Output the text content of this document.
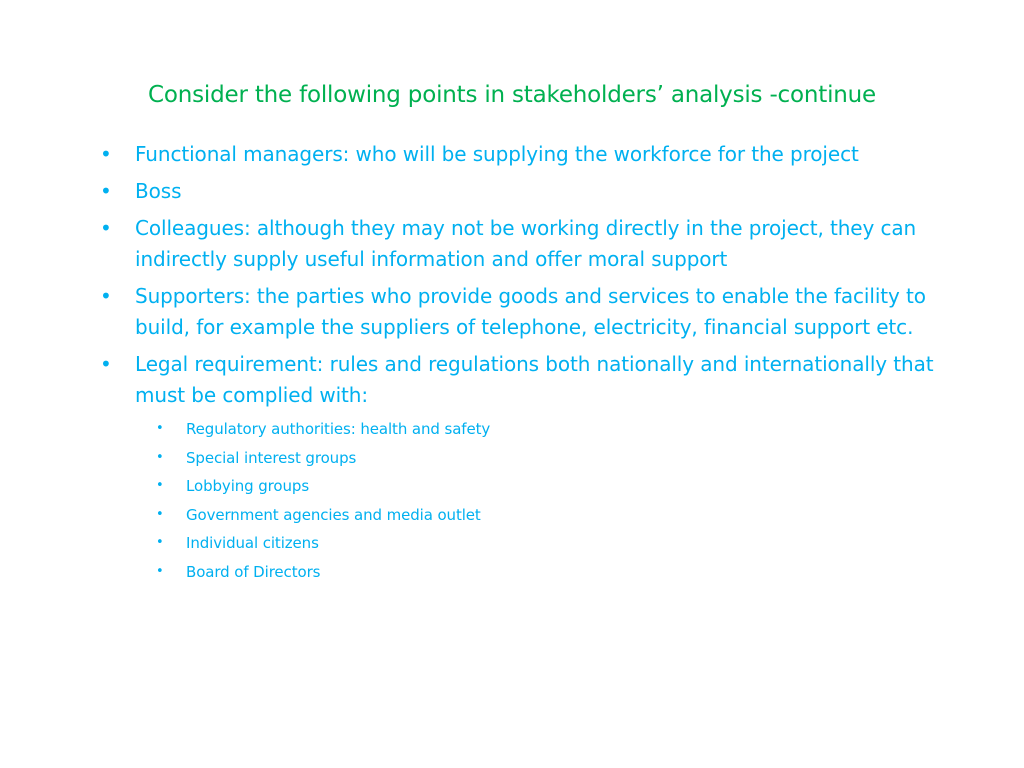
Consider the following points in stakeholders’ analysis -continue
•	Functional managers: who will be supplying the workforce for the project
•	Boss
•	Colleagues: although they may not be working directly in the project, they can indirectly supply useful information and offer moral support
•	Supporters: the parties who provide goods and services to enable the facility to build, for example the suppliers of telephone, electricity, financial support etc.
•	Legal requirement: rules and regulations both nationally and internationally that must be complied with:
• Regulatory authorities: health and safety
• Special interest groups
• Lobbying groups
• Government agencies and media outlet
• Individual citizens
• Board of Directors
